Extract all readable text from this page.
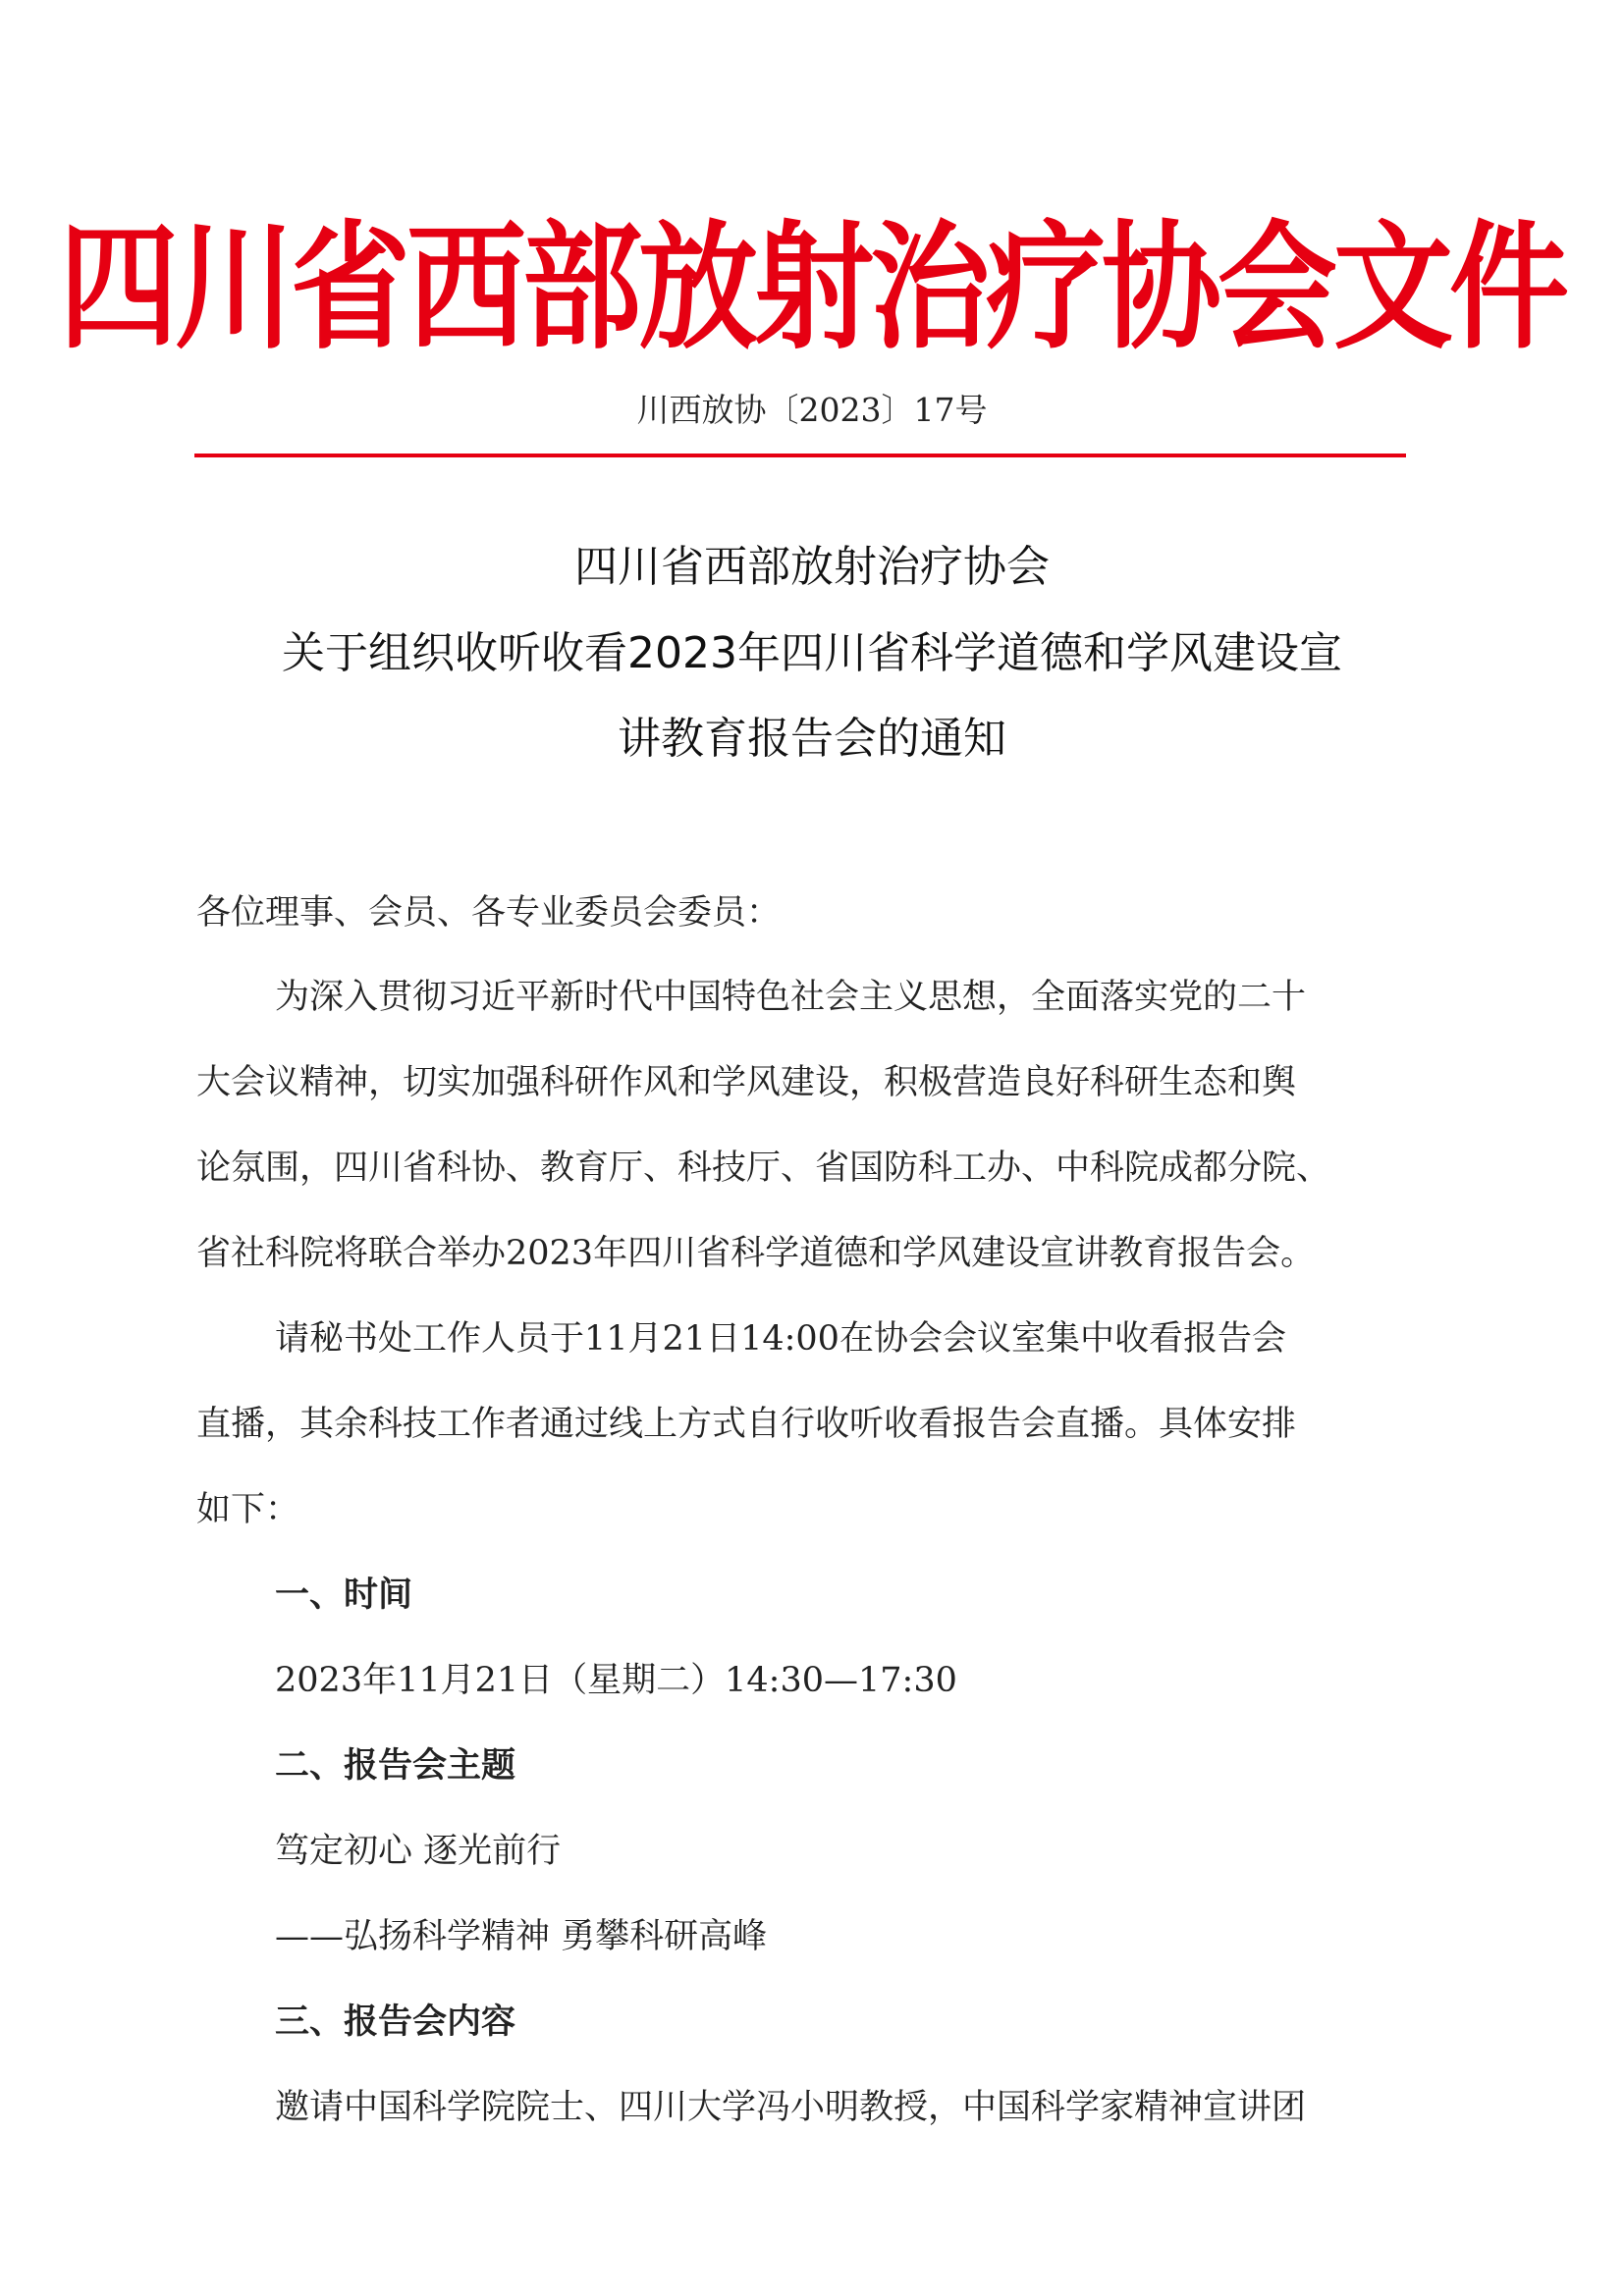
四川省西部放射治疗协会文件
川西放协〔2023〕17号
四川省西部放射治疗协会
关于组织收听收看2023年四川省科学道德和学风建设宣
讲教育报告会的通知
各位理事、会员、各专业委员会委员：
为深入贯彻习近平新时代中国特色社会主义思想，全面落实党的二十
大会议精神，切实加强科研作风和学风建设，积极营造良好科研生态和舆
论氛围，四川省科协、教育厅、科技厅、省国防科工办、中科院成都分院、
省社科院将联合举办2023年四川省科学道德和学风建设宣讲教育报告会。
请秘书处工作人员于11月21日14:00在协会会议室集中收看报告会
直播，其余科技工作者通过线上方式自行收听收看报告会直播。具体安排
如下：
一、时间
2023年11月21日（星期二）14:30—17:30
二、报告会主题
笃定初心 逐光前行
——弘扬科学精神 勇攀科研高峰
三、报告会内容
邀请中国科学院院士、四川大学冯小明教授，中国科学家精神宣讲团
